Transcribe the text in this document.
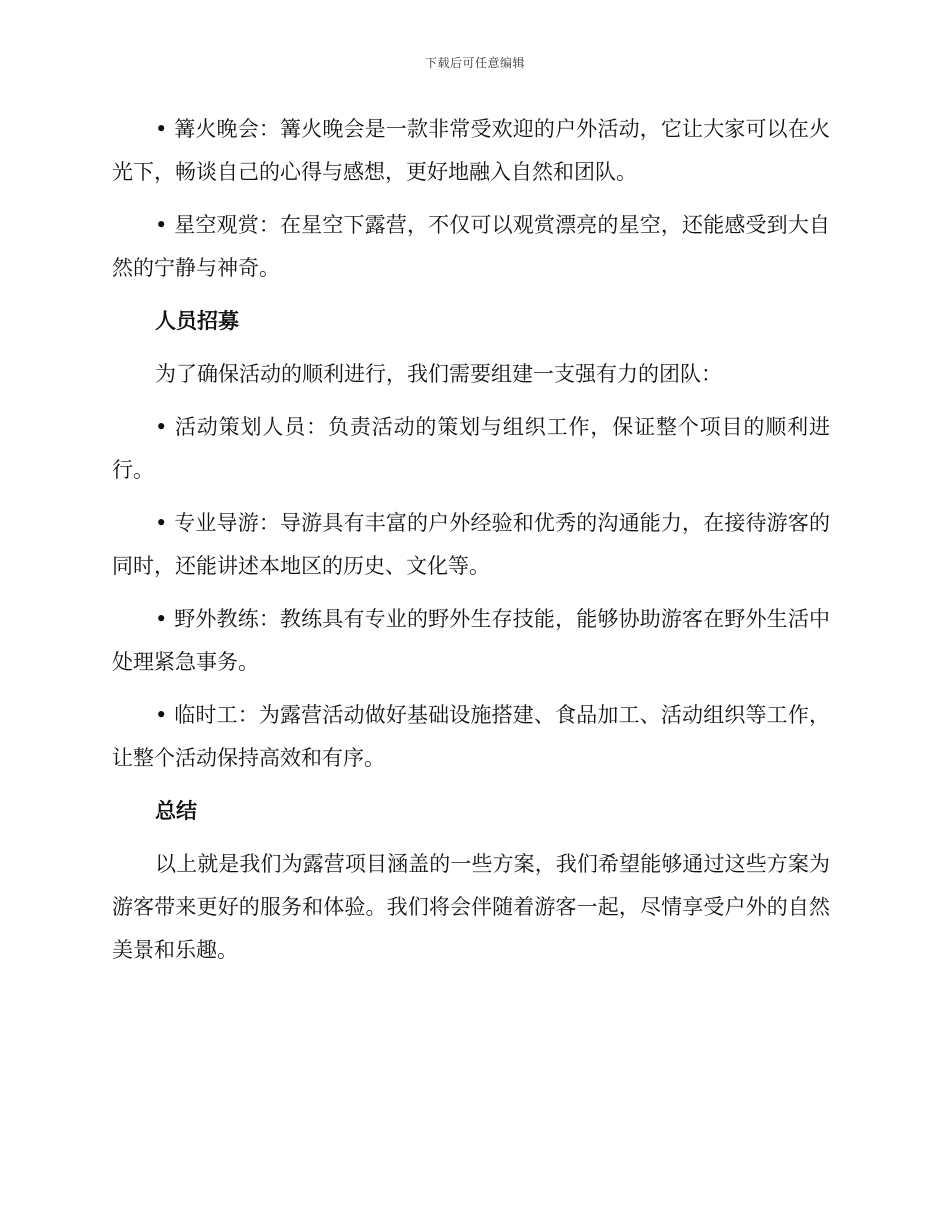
下载后可任意编辑

• 篝火晚会：篝火晚会是一款非常受欢迎的户外活动，它让大家可以在火光下，畅谈自己的心得与感想，更好地融入自然和团队。

• 星空观赏：在星空下露营，不仅可以观赏漂亮的星空，还能感受到大自然的宁静与神奇。

人员招募

为了确保活动的顺利进行，我们需要组建一支强有力的团队：

• 活动策划人员：负责活动的策划与组织工作，保证整个项目的顺利进行。

• 专业导游：导游具有丰富的户外经验和优秀的沟通能力，在接待游客的同时，还能讲述本地区的历史、文化等。

• 野外教练：教练具有专业的野外生存技能，能够协助游客在野外生活中处理紧急事务。

• 临时工：为露营活动做好基础设施搭建、食品加工、活动组织等工作，让整个活动保持高效和有序。

总结

以上就是我们为露营项目涵盖的一些方案，我们希望能够通过这些方案为游客带来更好的服务和体验。我们将会伴随着游客一起，尽情享受户外的自然美景和乐趣。
